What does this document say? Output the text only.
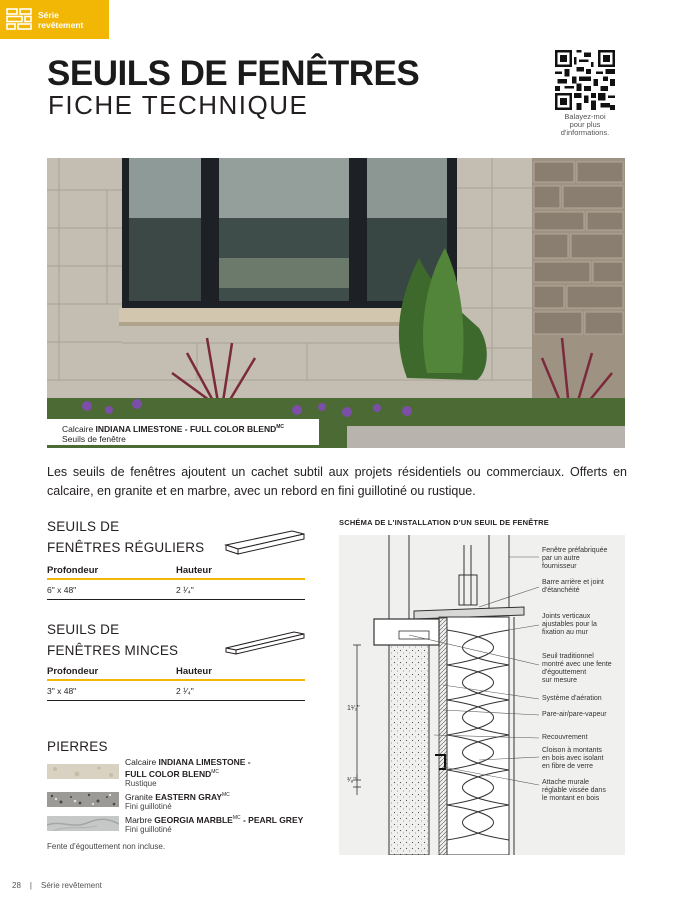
Série
revêtement
SEUILS DE FENÊTRES
FICHE TECHNIQUE	Balayez-moi
pour plus
d'informations.
Calcaire INDIANA LIMESTONE - FULL COLOR $BLEND^{MC}$
Seuils de fenêtre
Les seuils de fenêtres ajoutent un cachet subtil aux projets résidentiels ou commerciaux. Offerts en calcaire, en granite et en marbre, avec un rebord en fini guillotiné ou rustique.
SEUILS DE
FENÊTRES RÉGULIERS
Profondeur	Hauteur
6" x 48"	2 ¹⁄₄"
SEUILS DE
FENÊTRES MINCES
Profondeur	Hauteur
3" x 48"	2 ¹⁄₄"
PIERRES
Calcaire INDIANA LIMESTONE -
FULL COLOR $BLEND^{MC}$
Rustique
Granite EASTERN $GRAY^{MC}$
Fini guillotiné
Marbre GEORGIA $MARBLE^{MC}$ - PEARL GREY
Fini guillotiné
Fente d'égouttement non incluse.
SCHÉMA DE L'INSTALLATION D'UN SEUIL DE FENÊTRE
1¹⁄₂"
³⁄₈"
Fenêtre préfabriquée
par un autre
fournisseur
Barre arrière et joint
d'étanchéité
Joints verticaux
ajustables pour la
fixation au mur
Seuil traditionnel
montré avec une fente
d'égouttement
sur mesure
Système d'aération
Pare-air/pare-vapeur
Recouvrement
Cloison à montants
en bois avec isolant
en fibre de verre
Attache murale
réglable vissée dans
le montant en bois
28 | Série revêtement
